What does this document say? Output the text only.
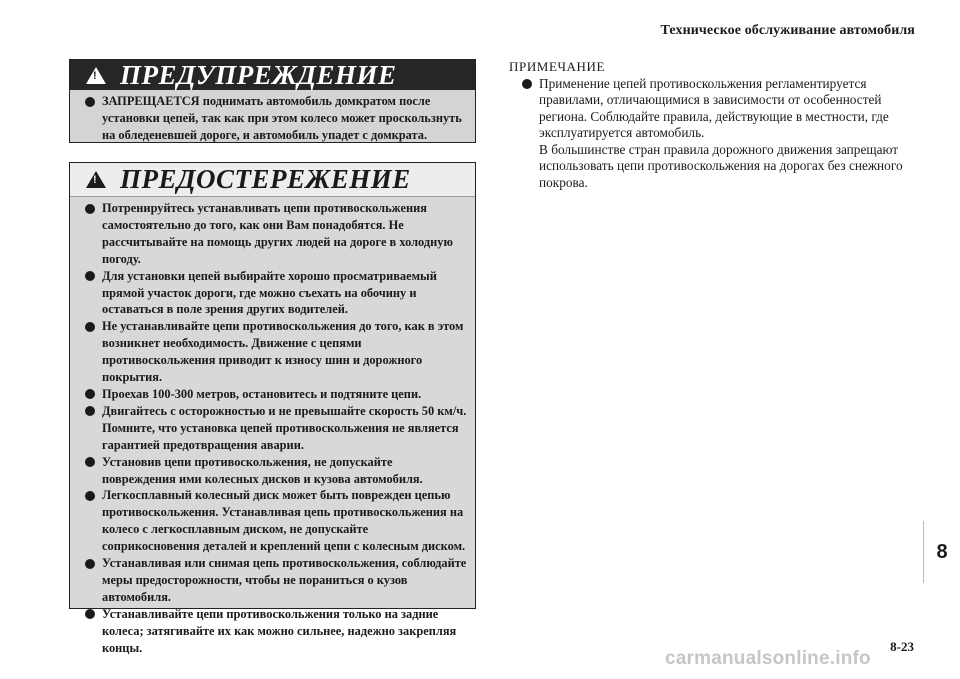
Техническое обслуживание автомобиля
!
ПРЕДУПРЕЖДЕНИЕ
ЗАПРЕЩАЕТСЯ поднимать автомобиль домкратом после установки цепей, так как при этом колесо может проскользнуть на обледеневшей дороге, и автомобиль упадет с домкрата.
!
ПРЕДОСТЕРЕЖЕНИЕ
Потренируйтесь устанавливать цепи противоскольжения самостоятельно до того, как они Вам понадобятся. Не рассчитывайте на помощь других людей на дороге в холодную погоду.
Для установки цепей выбирайте хорошо просматриваемый прямой участок дороги, где можно съехать на обочину и оставаться в поле зрения других водителей.
Не устанавливайте цепи противоскольжения до того, как в этом возникнет необходимость. Движение с цепями противоскольжения приводит к износу шин и дорожного покрытия.
Проехав 100-300 метров, остановитесь и подтяните цепи.
Двигайтесь с осторожностью и не превышайте скорость 50 км/ч. Помните, что установка цепей противоскольжения не является гарантией предотвращения аварии.
Установив цепи противоскольжения, не допускайте повреждения ими колесных дисков и кузова автомобиля.
Легкосплавный колесный диск может быть поврежден цепью противоскольжения. Устанавливая цепь противоскольжения на колесо с легкосплавным диском, не допускайте соприкосновения деталей и креплений цепи с колесным диском.
Устанавливая или снимая цепь противоскольжения, соблюдайте меры предосторожности, чтобы не пораниться о кузов автомобиля.
Устанавливайте цепи противоскольжения только на задние колеса; затягивайте их как можно сильнее, надежно закрепляя концы.
ПРИМЕЧАНИЕ
Применение цепей противоскольжения регламентируется правилами, отличающимися в зависимости от особенностей региона. Соблюдайте правила, действующие в местности, где эксплуатируется автомобиль.
В большинстве стран правила дорожного движения запрещают использовать цепи противоскольжения на дорогах без снежного покрова.
8
8-23
carmanualsonline.info
